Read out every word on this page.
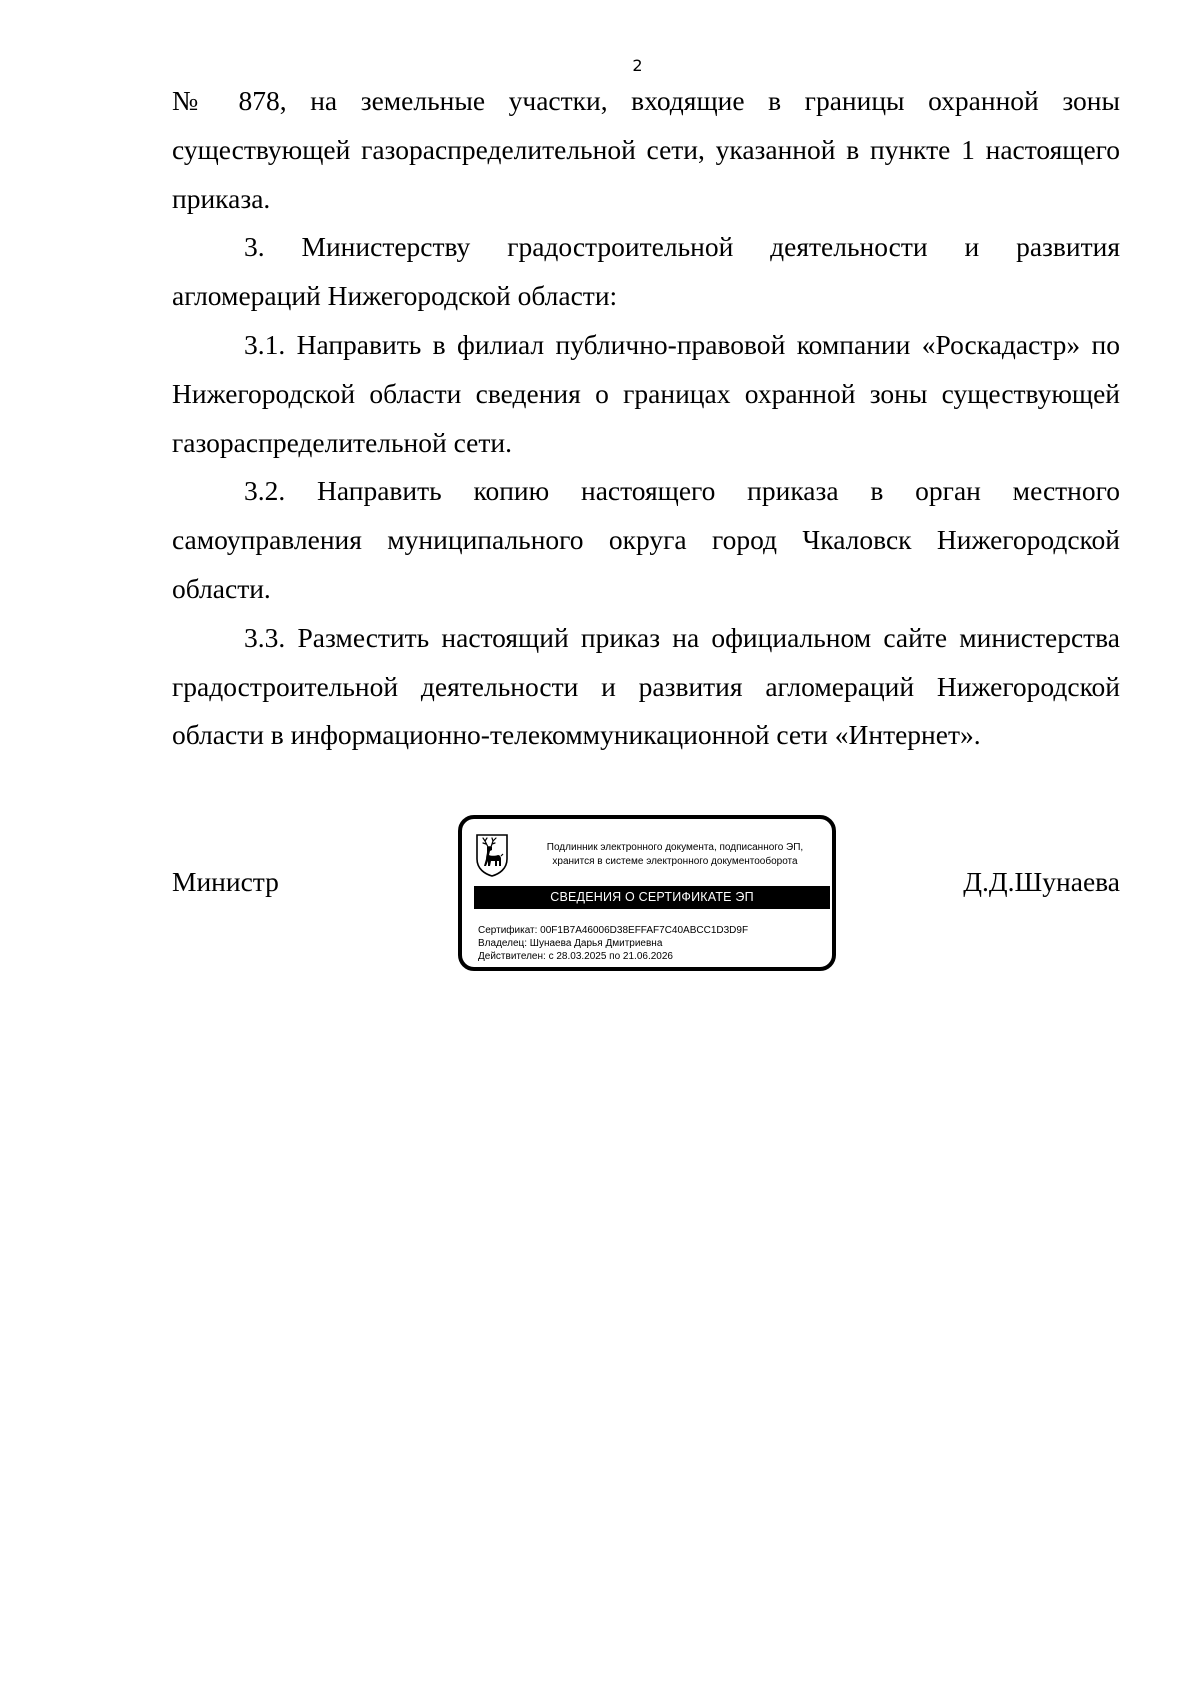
2

№ 878, на земельные участки, входящие в границы охранной зоны существующей газораспределительной сети, указанной в пункте 1 настоящего приказа.

3. Министерству градостроительной деятельности и развития агломераций Нижегородской области:

3.1. Направить в филиал публично-правовой компании «Роскадастр» по Нижегородской области сведения о границах охранной зоны существующей газораспределительной сети.

3.2. Направить копию настоящего приказа в орган местного самоуправления муниципального округа город Чкаловск Нижегородской области.

3.3. Разместить настоящий приказ на официальном сайте министерства градостроительной деятельности и развития агломераций Нижегородской области в информационно-телекоммуникационной сети «Интернет».

Министр
Подлинник электронного документа, подписанного ЭП,
хранится в системе электронного документооборота
СВЕДЕНИЯ О СЕРТИФИКАТЕ ЭП
Сертификат: 00F1B7A46006D38EFFAF7C40ABCC1D3D9F
Владелец: Шунаева Дарья Дмитриевна
Действителен: с 28.03.2025 по 21.06.2026
Д.Д.Шунаева
